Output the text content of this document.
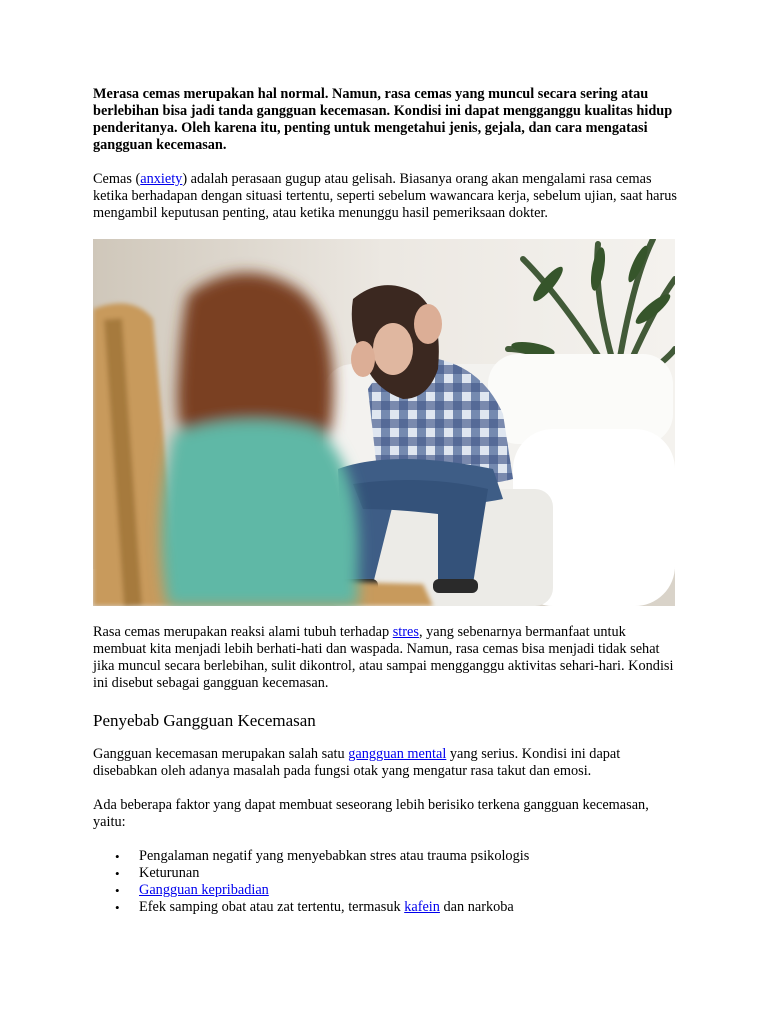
Merasa cemas merupakan hal normal. Namun, rasa cemas yang muncul secara sering atau berlebihan bisa jadi tanda gangguan kecemasan. Kondisi ini dapat mengganggu kualitas hidup penderitanya. Oleh karena itu, penting untuk mengetahui jenis, gejala, dan cara mengatasi gangguan kecemasan.

Cemas (anxiety) adalah perasaan gugup atau gelisah. Biasanya orang akan mengalami rasa cemas ketika berhadapan dengan situasi tertentu, seperti sebelum wawancara kerja, sebelum ujian, saat harus mengambil keputusan penting, atau ketika menunggu hasil pemeriksaan dokter.

Rasa cemas merupakan reaksi alami tubuh terhadap stres, yang sebenarnya bermanfaat untuk membuat kita menjadi lebih berhati-hati dan waspada. Namun, rasa cemas bisa menjadi tidak sehat jika muncul secara berlebihan, sulit dikontrol, atau sampai mengganggu aktivitas sehari-hari. Kondisi ini disebut sebagai gangguan kecemasan.

Penyebab Gangguan Kecemasan

Gangguan kecemasan merupakan salah satu gangguan mental yang serius. Kondisi ini dapat disebabkan oleh adanya masalah pada fungsi otak yang mengatur rasa takut dan emosi.

Ada beberapa faktor yang dapat membuat seseorang lebih berisiko terkena gangguan kecemasan, yaitu:

• Pengalaman negatif yang menyebabkan stres atau trauma psikologis
• Keturunan
• Gangguan kepribadian
• Efek samping obat atau zat tertentu, termasuk kafein dan narkoba
